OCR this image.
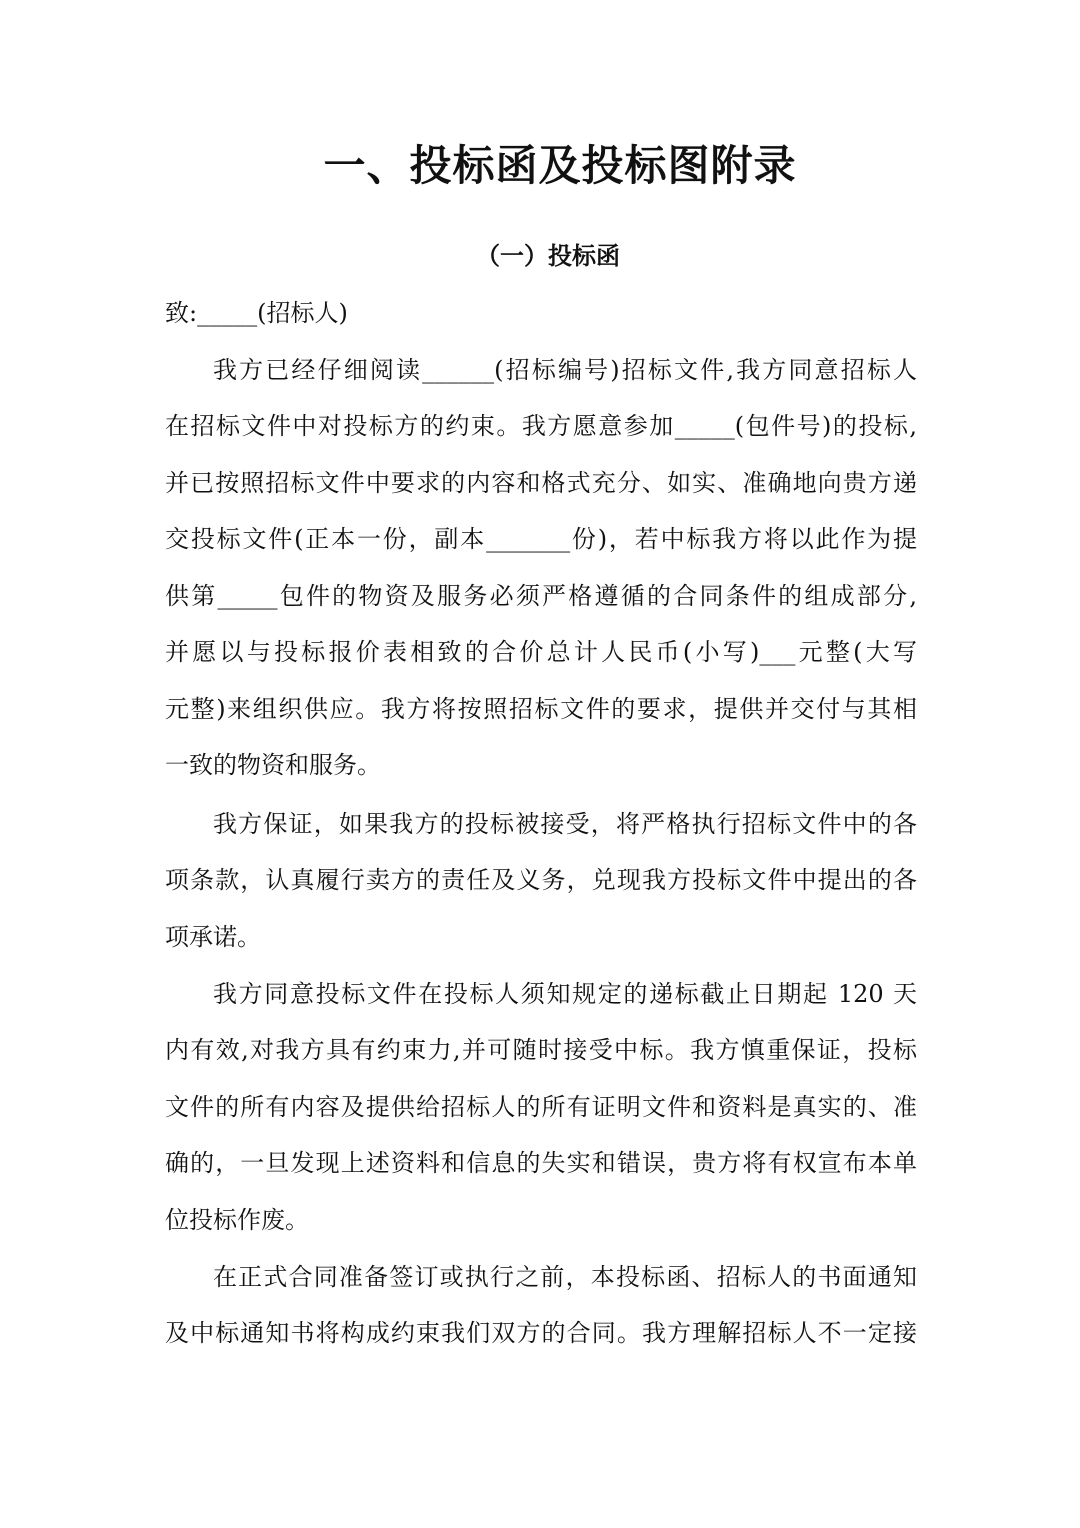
一、投标函及投标图附录
（一）投标函
致:_____(招标人)
我方已经仔细阅读______(招标编号)招标文件,我方同意招标人
在招标文件中对投标方的约束。我方愿意参加_____(包件号)的投标,
并已按照招标文件中要求的内容和格式充分、如实、准确地向贵方递
交投标文件(正本一份，副本_______份)，若中标我方将以此作为提
供第_____包件的物资及服务必须严格遵循的合同条件的组成部分,
并愿以与投标报价表相致的合价总计人民币(小写)___元整(大写
元整)来组织供应。我方将按照招标文件的要求，提供并交付与其相
一致的物资和服务。
我方保证，如果我方的投标被接受，将严格执行招标文件中的各
项条款，认真履行卖方的责任及义务，兑现我方投标文件中提出的各
项承诺。
我方同意投标文件在投标人须知规定的递标截止日期起 120 天
内有效,对我方具有约束力,并可随时接受中标。我方慎重保证，投标
文件的所有内容及提供给招标人的所有证明文件和资料是真实的、准
确的，一旦发现上述资料和信息的失实和错误，贵方将有权宣布本单
位投标作废。
在正式合同准备签订或执行之前，本投标函、招标人的书面通知
及中标通知书将构成约束我们双方的合同。我方理解招标人不一定接
